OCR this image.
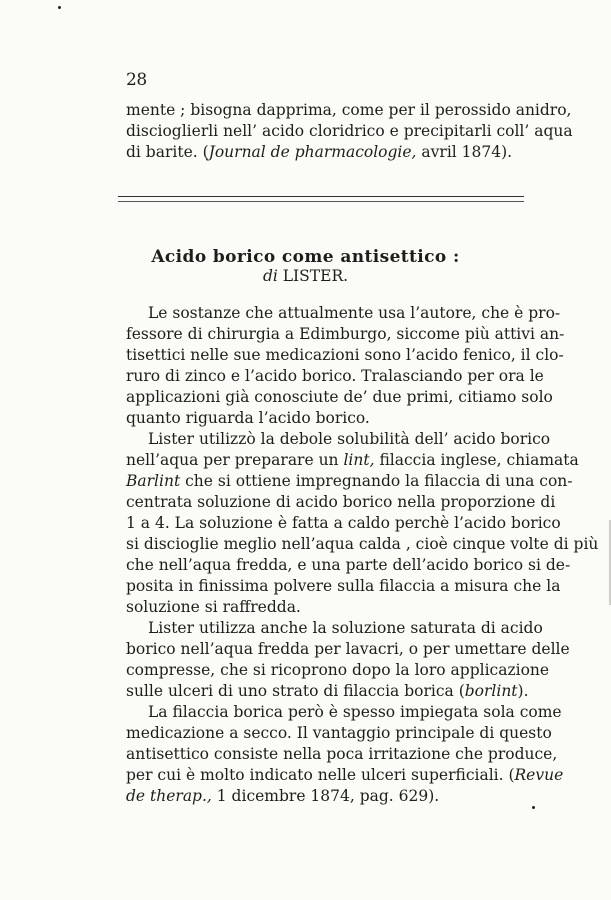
28
mente ; bisogna dapprima, come per il perossido anidro,
discioglierli nell’ acido cloridrico e precipitarli coll’ aqua
di barite. (Journal de pharmacologie, avril 1874).
Acido borico come antisettico :
di LISTER.
Le sostanze che attualmente usa l’autore, che è pro-
fessore di chirurgia a Edimburgo, siccome più attivi an-
tisettici nelle sue medicazioni sono l’acido fenico, il clo-
ruro di zinco e l’acido borico. Tralasciando per ora le
applicazioni già conosciute de’ due primi, citiamo solo
quanto riguarda l’acido borico.
Lister utilizzò la debole solubilità dell’ acido borico
nell’aqua per preparare un lint, filaccia inglese, chiamata
Barlint che si ottiene impregnando la filaccia di una con-
centrata soluzione di acido borico nella proporzione di
1 a 4. La soluzione è fatta a caldo perchè l’acido borico
si discioglie meglio nell’aqua calda , cioè cinque volte di più
che nell’aqua fredda, e una parte dell’acido borico si de-
posita in finissima polvere sulla filaccia a misura che la
soluzione si raffredda.
Lister utilizza anche la soluzione saturata di acido
borico nell’aqua fredda per lavacri, o per umettare delle
compresse, che si ricoprono dopo la loro applicazione
sulle ulceri di uno strato di filaccia borica (borlint).
La filaccia borica però è spesso impiegata sola come
medicazione a secco. Il vantaggio principale di questo
antisettico consiste nella poca irritazione che produce,
per cui è molto indicato nelle ulceri superficiali. (Revue
de therap., 1 dicembre 1874, pag. 629).
